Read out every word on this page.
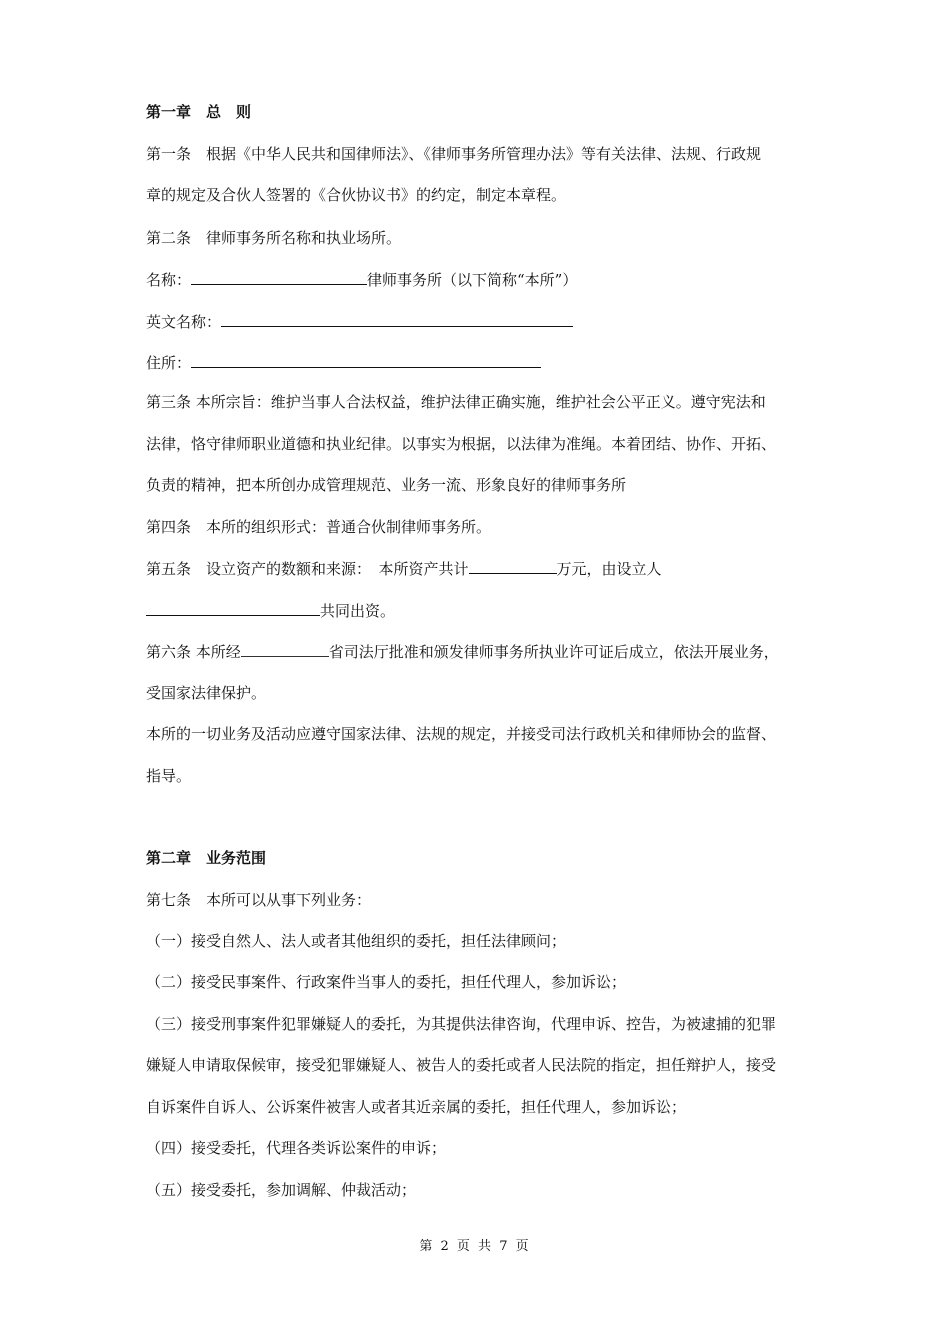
第一章　总　则
第一条　根据《中华人民共和国律师法》、《律师事务所管理办法》等有关法律、法规、行政规
章的规定及合伙人签署的《合伙协议书》的约定，制定本章程。
第二条　律师事务所名称和执业场所。
名称：	律师事务所（以下简称“本所”）
英文名称：
住所：
第三条 本所宗旨：维护当事人合法权益，维护法律正确实施，维护社会公平正义。遵守宪法和
法律，恪守律师职业道德和执业纪律。以事实为根据，以法律为准绳。本着团结、协作、开拓、
负责的精神，把本所创办成管理规范、业务一流、形象良好的律师事务所
第四条　本所的组织形式：普通合伙制律师事务所。
第五条　设立资产的数额和来源：　本所资产共计	万元，由设立人
共同出资。
第六条 本所经	省司法厅批准和颁发律师事务所执业许可证后成立，依法开展业务，
受国家法律保护。
本所的一切业务及活动应遵守国家法律、法规的规定，并接受司法行政机关和律师协会的监督、
指导。
第二章　业务范围
第七条　本所可以从事下列业务：
（一）接受自然人、法人或者其他组织的委托，担任法律顾问；
（二）接受民事案件、行政案件当事人的委托，担任代理人，参加诉讼；
（三）接受刑事案件犯罪嫌疑人的委托，为其提供法律咨询，代理申诉、控告，为被逮捕的犯罪
嫌疑人申请取保候审，接受犯罪嫌疑人、被告人的委托或者人民法院的指定，担任辩护人，接受
自诉案件自诉人、公诉案件被害人或者其近亲属的委托，担任代理人，参加诉讼；
（四）接受委托，代理各类诉讼案件的申诉；
（五）接受委托，参加调解、仲裁活动；
第 2 页 共 7 页
